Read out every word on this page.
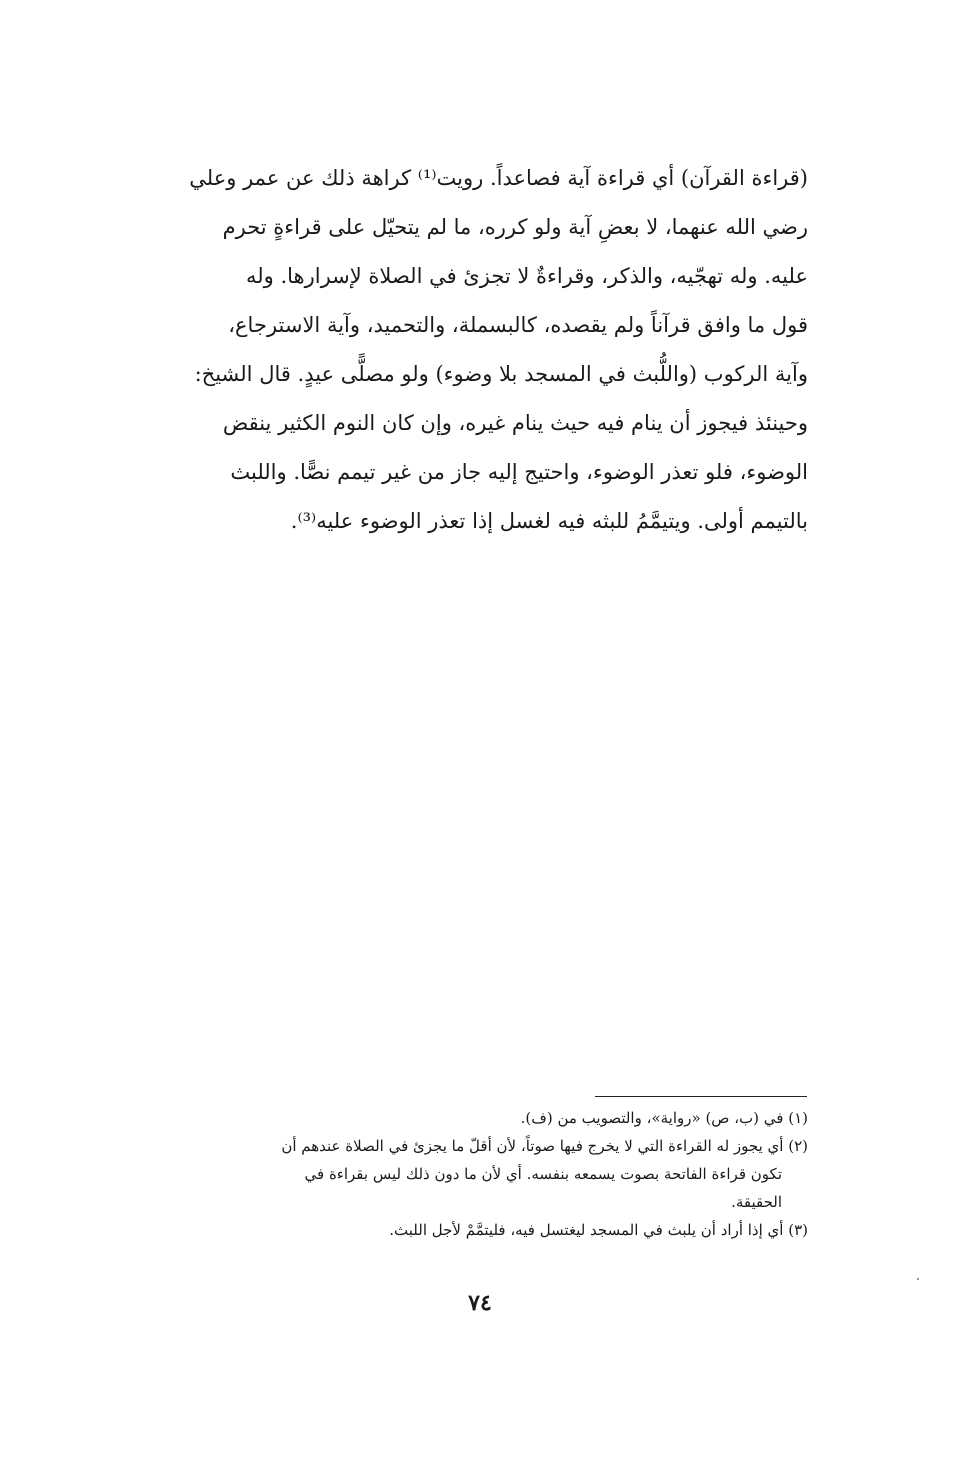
(قراءة القرآن) أي قراءة آية فصاعداً. رويت⁽¹⁾ كراهة ذلك عن عمر وعلي
رضي الله عنهما، لا بعضِ آية ولو كرره، ما لم يتحيّل على قراءةٍ تحرم
عليه. وله تهجّيه، والذكر، وقراءةٌ لا تجزئ في الصلاة لإسرارها. وله
قول ما وافق قرآناً ولم يقصده، كالبسملة، والتحميد، وآية الاسترجاع،
وآية الركوب (واللُّبث في المسجد بلا وضوء) ولو مصلًّى عيدٍ. قال الشيخ:
وحينئذ فيجوز أن ينام فيه حيث ينام غيره، وإن كان النوم الكثير ينقض
الوضوء، فلو تعذر الوضوء، واحتيج إليه جاز من غير تيمم نصًّا. واللبث
بالتيمم أولى. ويتيمَّمُ للبثه فيه لغسل إذا تعذر الوضوء عليه⁽³⁾.
(١) في (ب، ص) «رواية»، والتصويب من (ف).
(٢) أي يجوز له القراءة التي لا يخرج فيها صوتاً، لأن أقلّ ما يجزئ في الصلاة عندهم أن
تكون قراءة الفاتحة بصوت يسمعه بنفسه. أي لأن ما دون ذلك ليس بقراءة في
الحقيقة.
(٣) أي إذا أراد أن يلبث في المسجد ليغتسل فيه، فليتمَّمْ لأجل اللبث.
٧٤
